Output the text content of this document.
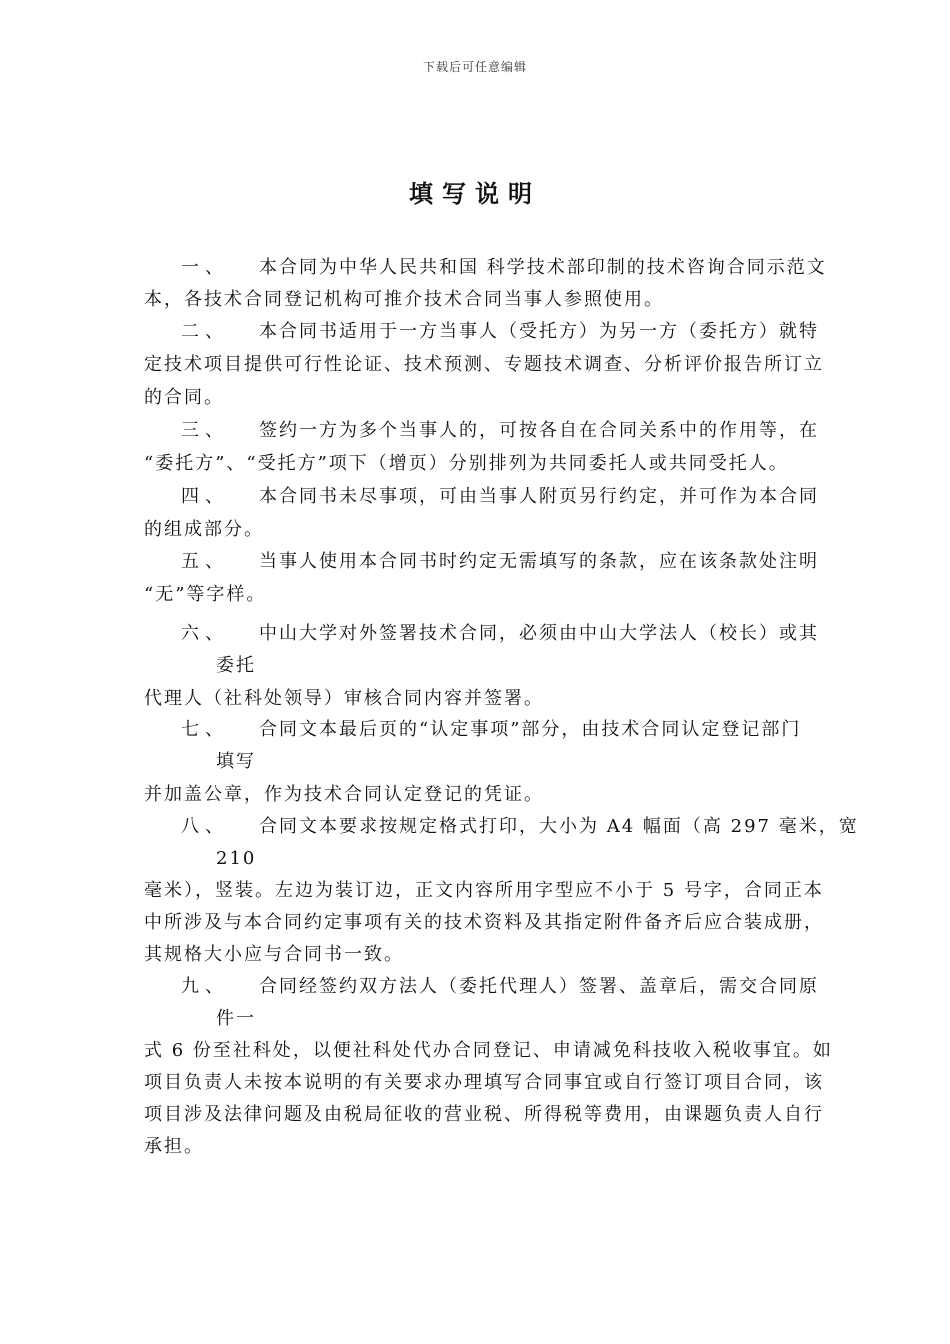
下载后可任意编辑
填写说明
一、 本合同为中华人民共和国 科学技术部印制的技术咨询合同示范文
本，各技术合同登记机构可推介技术合同当事人参照使用。
二、 本合同书适用于一方当事人（受托方）为另一方（委托方）就特
定技术项目提供可行性论证、技术预测、专题技术调查、分析评价报告所订立
的合同。
三、 签约一方为多个当事人的，可按各自在合同关系中的作用等，在
“委托方”、“受托方”项下（增页）分别排列为共同委托人或共同受托人。
四、 本合同书未尽事项，可由当事人附页另行约定，并可作为本合同
的组成部分。
五、 当事人使用本合同书时约定无需填写的条款，应在该条款处注明
“无”等字样。
六、 中山大学对外签署技术合同，必须由中山大学法人（校长）或其
委托
代理人（社科处领导）审核合同内容并签署。
七、 合同文本最后页的“认定事项”部分，由技术合同认定登记部门
填写
并加盖公章，作为技术合同认定登记的凭证。
八、 合同文本要求按规定格式打印，大小为 A4 幅面（高 297 毫米，宽
210
毫米），竖装。左边为装订边，正文内容所用字型应不小于 5 号字，合同正本
中所涉及与本合同约定事项有关的技术资料及其指定附件备齐后应合装成册，
其规格大小应与合同书一致。
九、 合同经签约双方法人（委托代理人）签署、盖章后，需交合同原
件一
式 6 份至社科处，以便社科处代办合同登记、申请减免科技收入税收事宜。如
项目负责人未按本说明的有关要求办理填写合同事宜或自行签订项目合同，该
项目涉及法律问题及由税局征收的营业税、所得税等费用，由课题负责人自行
承担。
